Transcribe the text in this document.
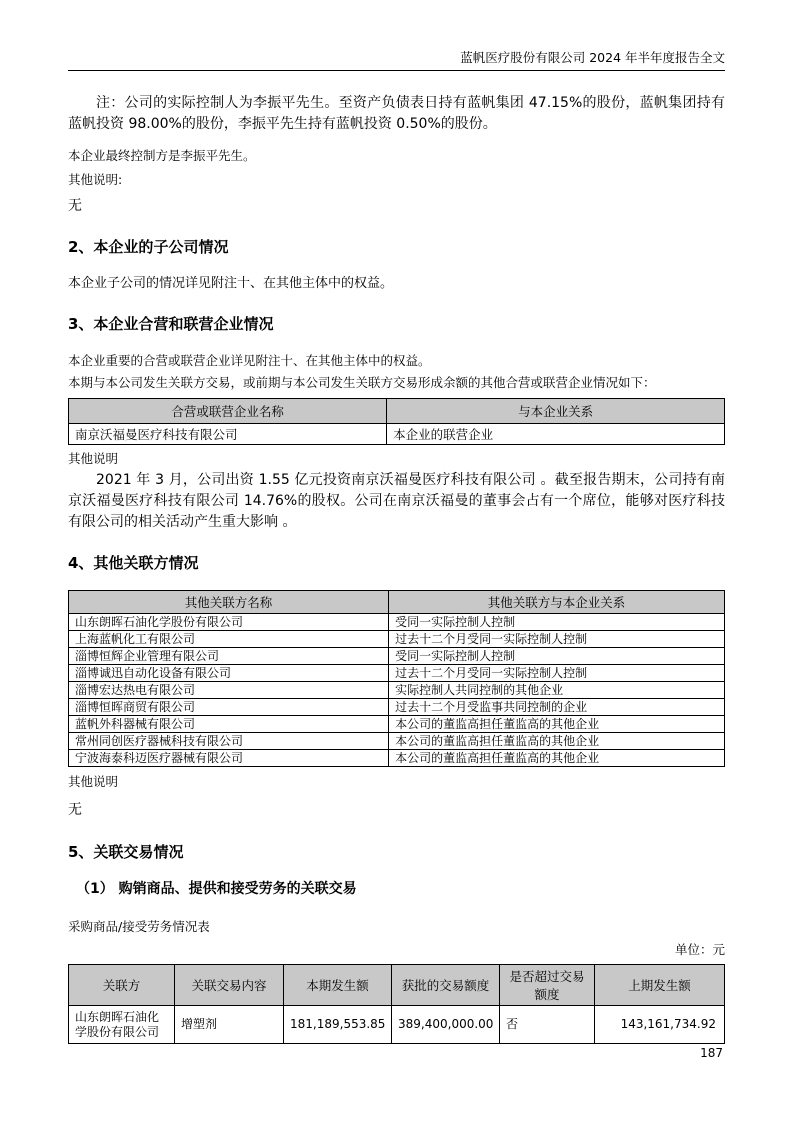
蓝帆医疗股份有限公司 2024 年半年度报告全文
注：公司的实际控制人为李振平先生。至资产负债表日持有蓝帆集团 47.15%的股份，蓝帆集团持有蓝帆投资 98.00%的股份，李振平先生持有蓝帆投资 0.50%的股份。
本企业最终控制方是李振平先生。
其他说明:
无
2、本企业的子公司情况
本企业子公司的情况详见附注十、在其他主体中的权益。
3、本企业合营和联营企业情况
本企业重要的合营或联营企业详见附注十、在其他主体中的权益。
本期与本公司发生关联方交易，或前期与本公司发生关联方交易形成余额的其他合营或联营企业情况如下：
合营或联营企业名称	与本企业关系
南京沃福曼医疗科技有限公司	本企业的联营企业
其他说明
2021 年 3 月，公司出资 1.55 亿元投资南京沃福曼医疗科技有限公司 。截至报告期末，公司持有南京沃福曼医疗科技有限公司 14.76%的股权。公司在南京沃福曼的董事会占有一个席位，能够对医疗科技有限公司的相关活动产生重大影响 。
4、其他关联方情况
其他关联方名称	其他关联方与本企业关系
山东朗晖石油化学股份有限公司	受同一实际控制人控制
上海蓝帆化工有限公司	过去十二个月受同一实际控制人控制
淄博恒辉企业管理有限公司	受同一实际控制人控制
淄博诚迅自动化设备有限公司	过去十二个月受同一实际控制人控制
淄博宏达热电有限公司	实际控制人共同控制的其他企业
淄博恒晖商贸有限公司	过去十二个月受监事共同控制的企业
蓝帆外科器械有限公司	本公司的董监高担任董监高的其他企业
常州同创医疗器械科技有限公司	本公司的董监高担任董监高的其他企业
宁波海泰科迈医疗器械有限公司	本公司的董监高担任董监高的其他企业
其他说明
无
5、关联交易情况
（1） 购销商品、提供和接受劳务的关联交易
采购商品/接受劳务情况表
单位：元
关联方	关联交易内容	本期发生额	获批的交易额度	是否超过交易额度	上期发生额
山东朗晖石油化学股份有限公司	增塑剂	181,189,553.85	389,400,000.00	否	143,161,734.92
187
